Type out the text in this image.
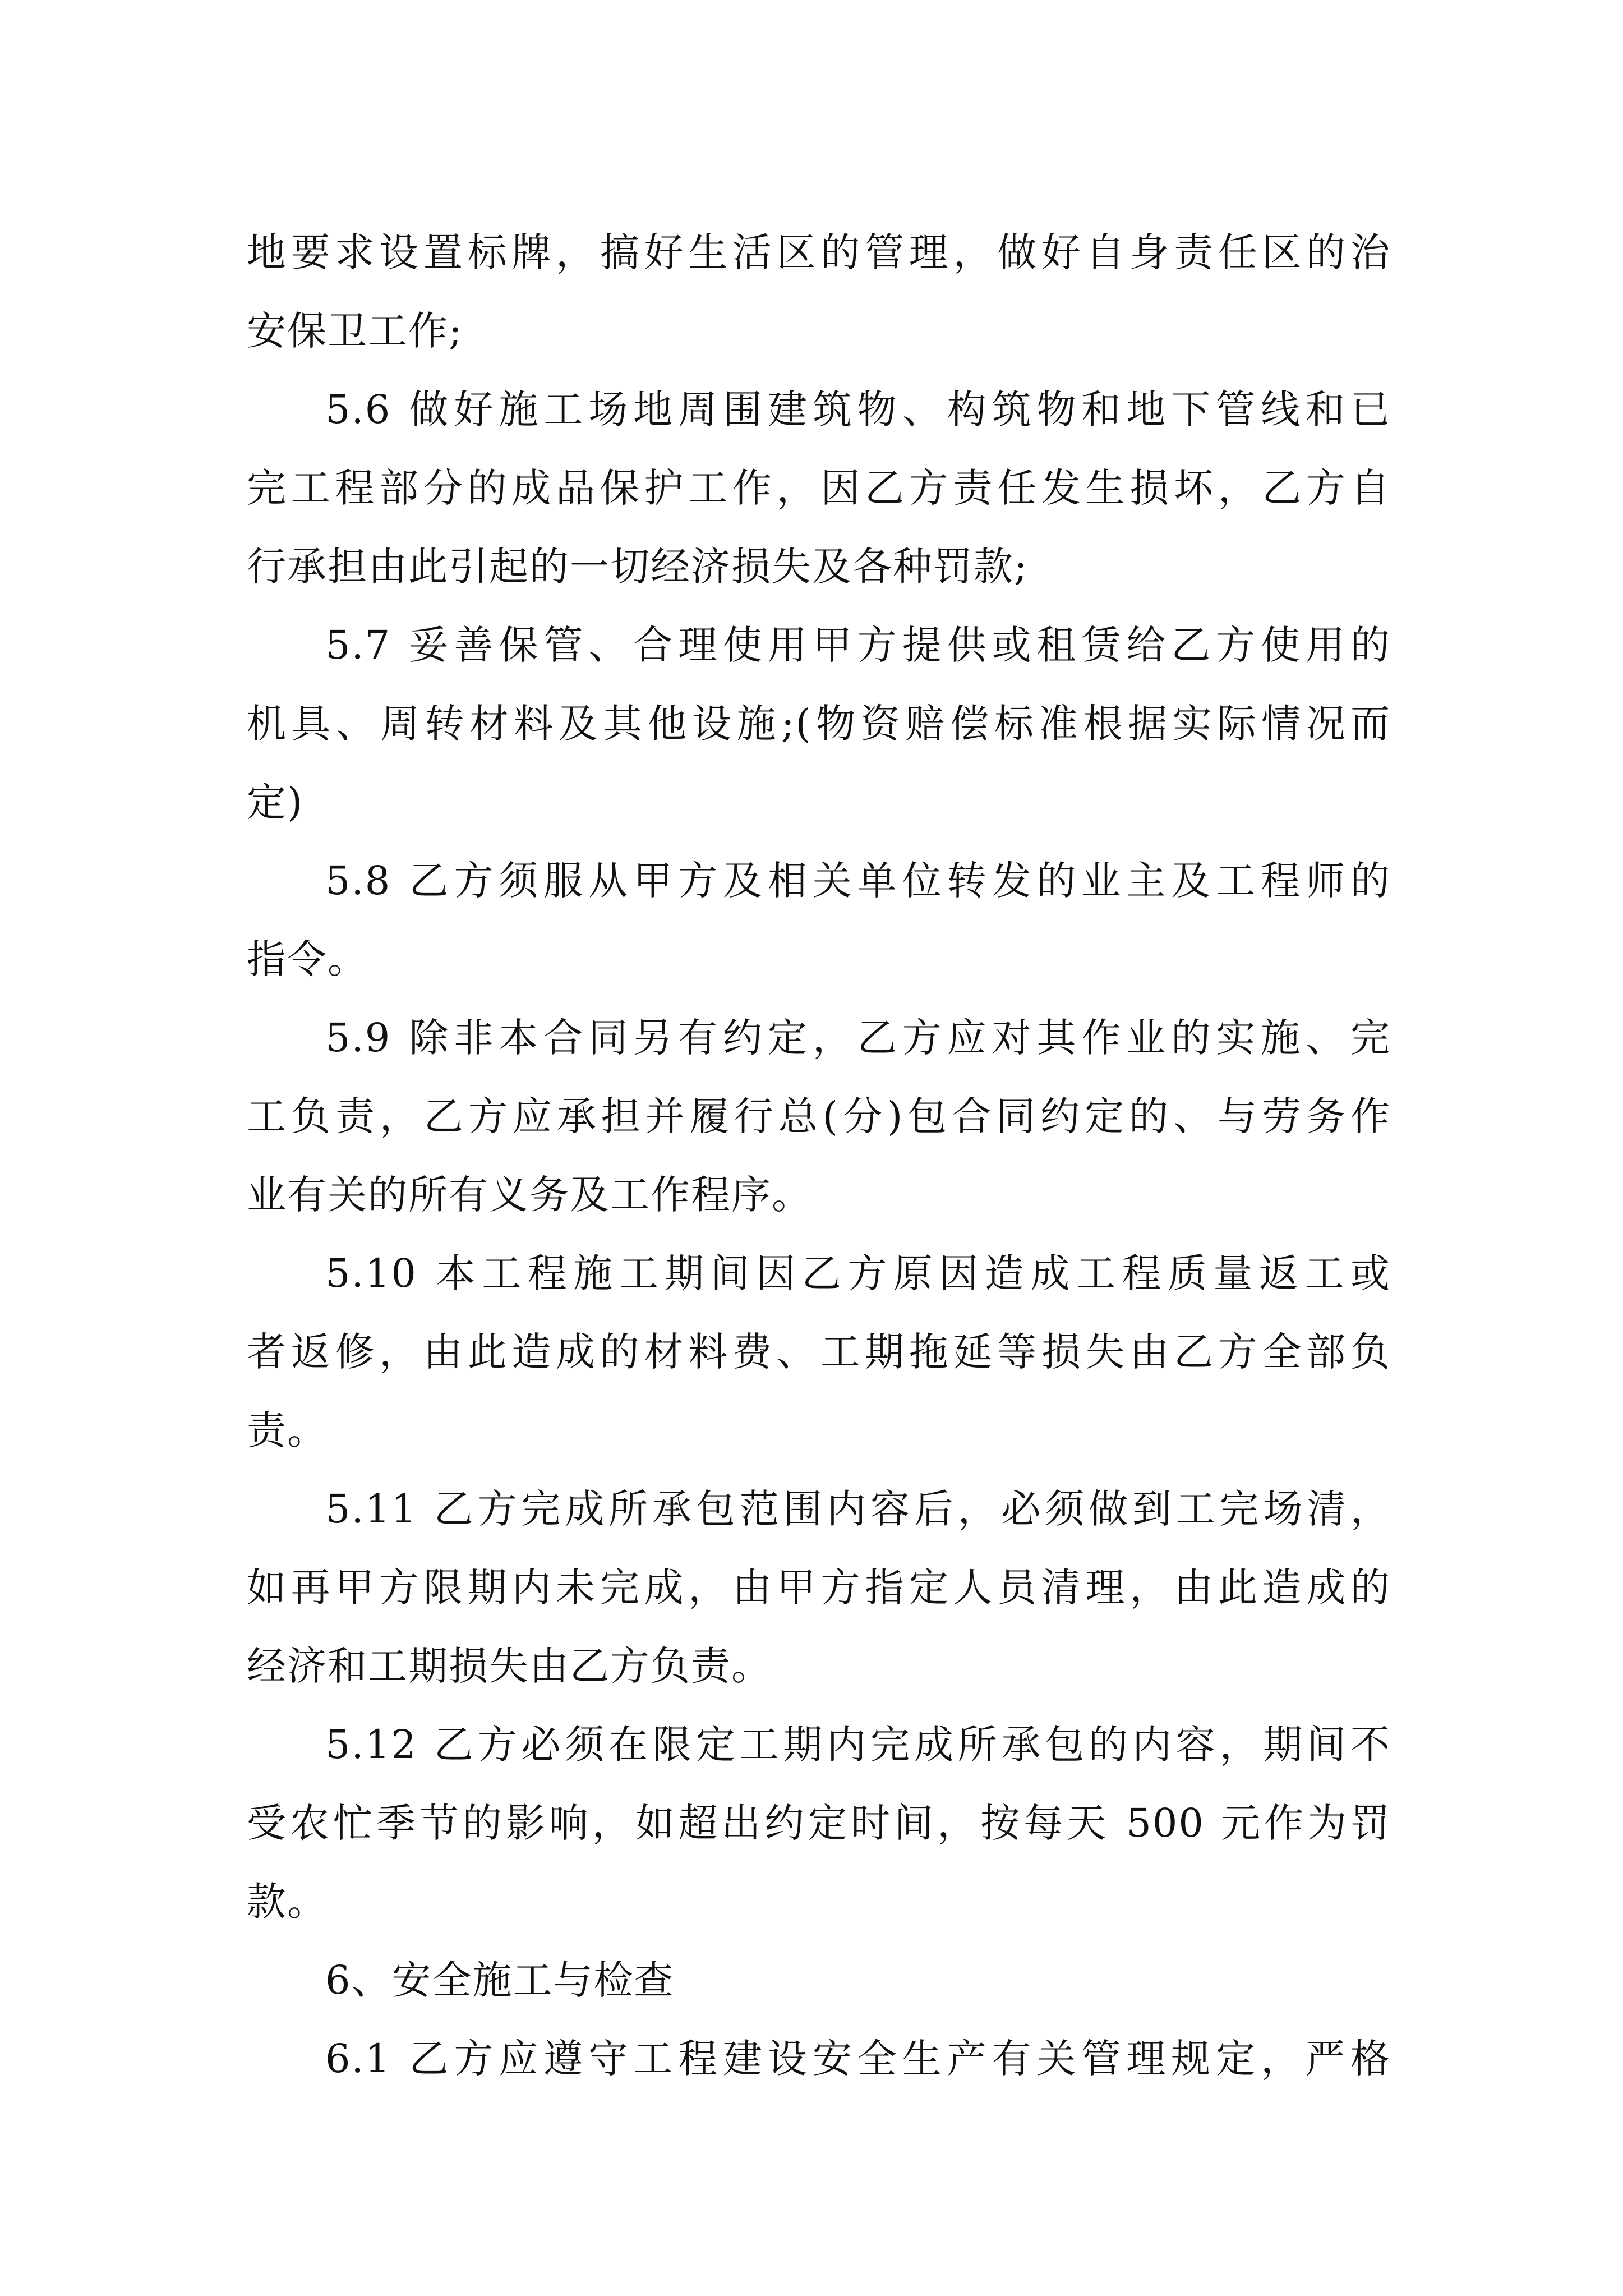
地要求设置标牌，搞好生活区的管理，做好自身责任区的治
安保卫工作;

5.6 做好施工场地周围建筑物、构筑物和地下管线和已
完工程部分的成品保护工作，因乙方责任发生损坏，乙方自
行承担由此引起的一切经济损失及各种罚款;

5.7 妥善保管、合理使用甲方提供或租赁给乙方使用的
机具、周转材料及其他设施;(物资赔偿标准根据实际情况而
定)

5.8 乙方须服从甲方及相关单位转发的业主及工程师的
指令。

5.9 除非本合同另有约定，乙方应对其作业的实施、完
工负责，乙方应承担并履行总(分)包合同约定的、与劳务作
业有关的所有义务及工作程序。

5.10 本工程施工期间因乙方原因造成工程质量返工或
者返修，由此造成的材料费、工期拖延等损失由乙方全部负
责。

5.11 乙方完成所承包范围内容后，必须做到工完场清，
如再甲方限期内未完成，由甲方指定人员清理，由此造成的
经济和工期损失由乙方负责。

5.12 乙方必须在限定工期内完成所承包的内容，期间不
受农忙季节的影响，如超出约定时间，按每天 500 元作为罚
款。

6、安全施工与检查

6.1 乙方应遵守工程建设安全生产有关管理规定，严格
